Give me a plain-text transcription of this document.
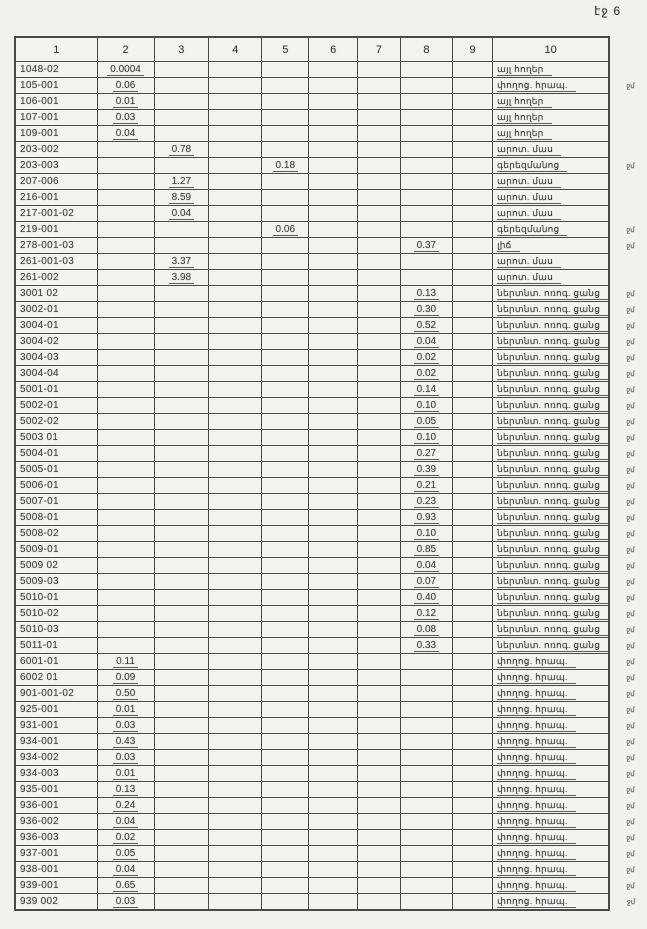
էջ 6
1	2	3	4	5	6	7	8	9	10	
1048-02	0.0004								այլ հողեր	
105-001	0.06								փողոց. հրապ.	ջմ
106-001	0.01								այլ հողեր	
107-001	0.03								այլ հողեր	
109-001	0.04								այլ հողեր	
203-002		0.78							արոտ. մաս	
203-003				0.18					գերեզմանոց	ջմ
207-006		1.27							արոտ. մաս	
216-001		8.59							արոտ. մաս	
217-001-02		0.04							արոտ. մաս	
219-001				0.06					գերեզմանոց	ջմ
278-001-03							0.37		լիճ	ջմ
261-001-03		3.37							արոտ. մաս	
261-002		3.98							արոտ. մաս	
3001 02							0.13		ներտնտ. ոռոգ. ցանց	ջմ
3002-01							0.30		ներտնտ. ոռոգ. ցանց	ջմ
3004-01							0.52		ներտնտ. ոռոգ. ցանց	ջմ
3004-02							0.04		ներտնտ. ոռոգ. ցանց	ջմ
3004-03							0.02		ներտնտ. ոռոգ. ցանց	ջմ
3004-04							0.02		ներտնտ. ոռոգ. ցանց	ջմ
5001-01							0.14		ներտնտ. ոռոգ. ցանց	ջմ
5002-01							0.10		ներտնտ. ոռոգ. ցանց	ջմ
5002-02							0.05		ներտնտ. ոռոգ. ցանց	ջմ
5003 01							0.10		ներտնտ. ոռոգ. ցանց	ջմ
5004-01							0.27		ներտնտ. ոռոգ. ցանց	ջմ
5005-01							0.39		ներտնտ. ոռոգ. ցանց	ջմ
5006-01							0.21		ներտնտ. ոռոգ. ցանց	ջմ
5007-01							0.23		ներտնտ. ոռոգ. ցանց	ջմ
5008-01							0.93		ներտնտ. ոռոգ. ցանց	ջմ
5008-02							0.10		ներտնտ. ոռոգ. ցանց	ջմ
5009-01							0.85		ներտնտ. ոռոգ. ցանց	ջմ
5009 02							0.04		ներտնտ. ոռոգ. ցանց	ջմ
5009-03							0.07		ներտնտ. ոռոգ. ցանց	ջմ
5010-01							0.40		ներտնտ. ոռոգ. ցանց	ջմ
5010-02							0.12		ներտնտ. ոռոգ. ցանց	ջմ
5010-03							0.08		ներտնտ. ոռոգ. ցանց	ջմ
5011-01							0.33		ներտնտ. ոռոգ. ցանց	ջմ
6001-01	0.11								փողոց. հրապ.	ջմ
6002 01	0.09								փողոց. հրապ.	ջմ
901-001-02	0.50								փողոց. հրապ.	ջմ
925-001	0.01								փողոց. հրապ.	ջմ
931-001	0.03								փողոց. հրապ.	ջմ
934-001	0.43								փողոց. հրապ.	ջմ
934-002	0.03								փողոց. հրապ.	ջմ
934-003	0.01								փողոց. հրապ.	ջմ
935-001	0.13								փողոց. հրապ.	ջմ
936-001	0.24								փողոց. հրապ.	ջմ
936-002	0.04								փողոց. հրապ.	ջմ
936-003	0.02								փողոց. հրապ.	ջմ
937-001	0.05								փողոց. հրապ.	ջմ
938-001	0.04								փողոց. հրապ.	ջմ
939-001	0.65								փողոց. հրապ.	ջմ
939 002	0.03								փողոց. հրապ.	ջմ
